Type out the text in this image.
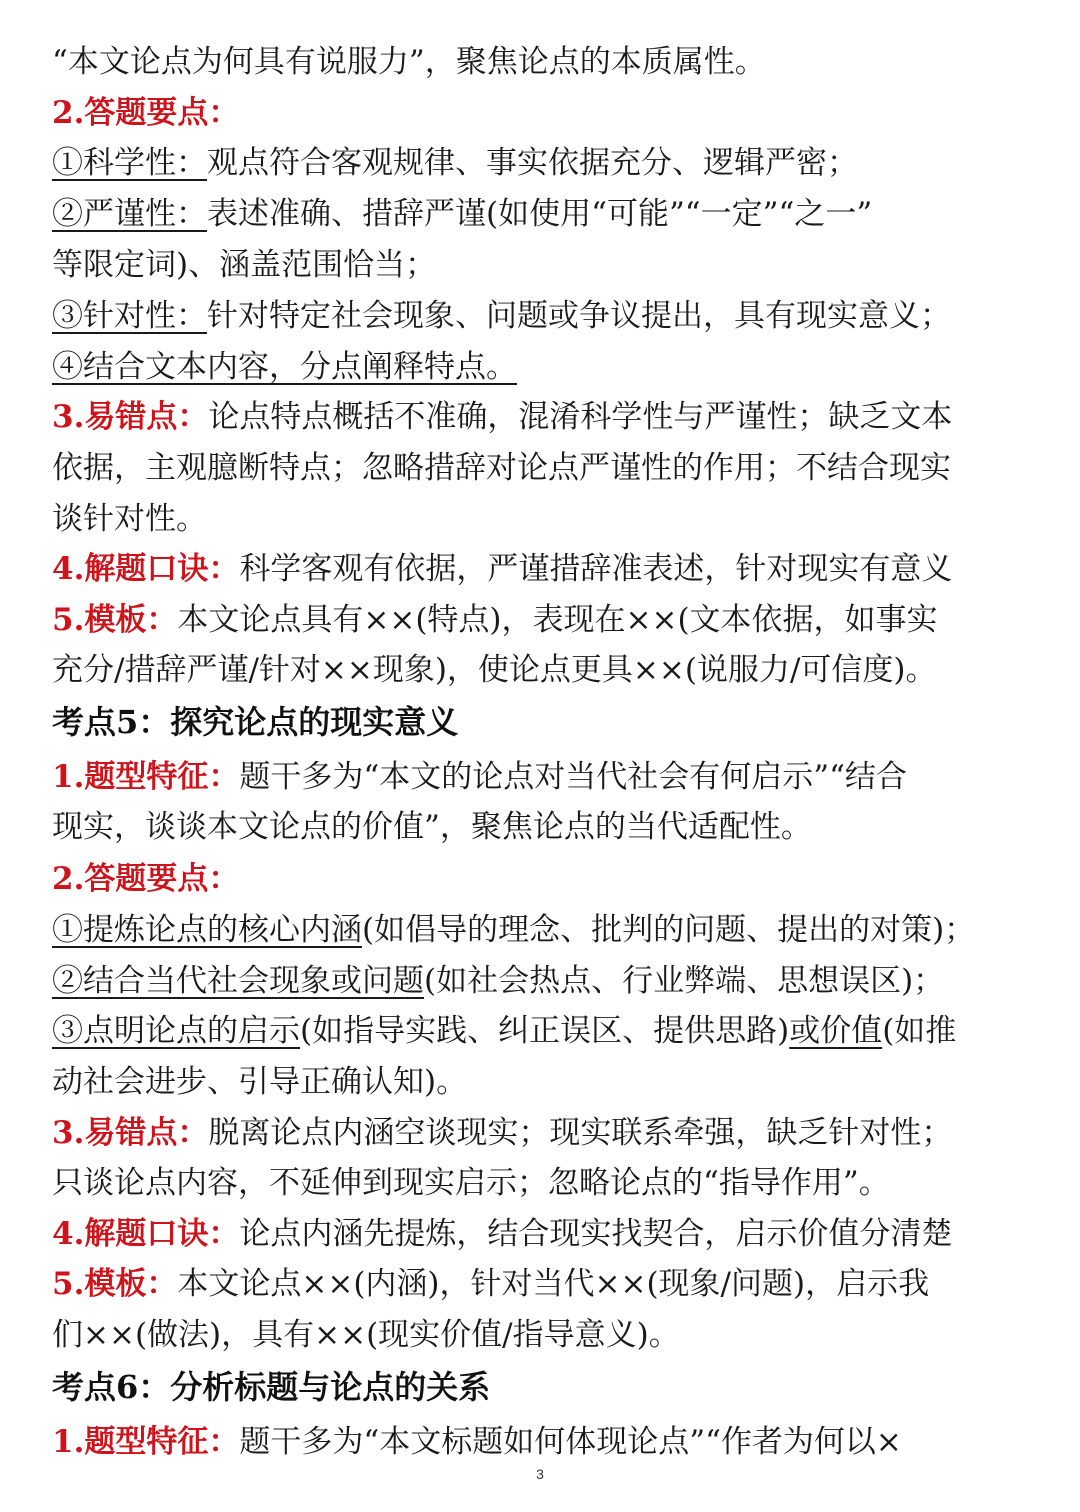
“本文论点为何具有说服力”，聚焦论点的本质属性。
2.答题要点：
①科学性：观点符合客观规律、事实依据充分、逻辑严密；
②严谨性：表述准确、措辞严谨(如使用“可能”“一定”“之一”
等限定词)、涵盖范围恰当；
③针对性：针对特定社会现象、问题或争议提出，具有现实意义；
④结合文本内容，分点阐释特点。
3.易错点：论点特点概括不准确，混淆科学性与严谨性；缺乏文本
依据，主观臆断特点；忽略措辞对论点严谨性的作用；不结合现实
谈针对性。
4.解题口诀：科学客观有依据，严谨措辞准表述，针对现实有意义
5.模板：本文论点具有××(特点)，表现在××(文本依据，如事实
充分/措辞严谨/针对××现象)，使论点更具××(说服力/可信度)。
考点5：探究论点的现实意义
1.题型特征：题干多为“本文的论点对当代社会有何启示”“结合
现实，谈谈本文论点的价值”，聚焦论点的当代适配性。
2.答题要点：
①提炼论点的核心内涵(如倡导的理念、批判的问题、提出的对策)；
②结合当代社会现象或问题(如社会热点、行业弊端、思想误区)；
③点明论点的启示(如指导实践、纠正误区、提供思路)或价值(如推
动社会进步、引导正确认知)。
3.易错点：脱离论点内涵空谈现实；现实联系牵强，缺乏针对性；
只谈论点内容，不延伸到现实启示；忽略论点的“指导作用”。
4.解题口诀：论点内涵先提炼，结合现实找契合，启示价值分清楚
5.模板：本文论点××(内涵)，针对当代××(现象/问题)，启示我
们××(做法)，具有××(现实价值/指导意义)。
考点6：分析标题与论点的关系
1.题型特征：题干多为“本文标题如何体现论点”“作者为何以×
3
